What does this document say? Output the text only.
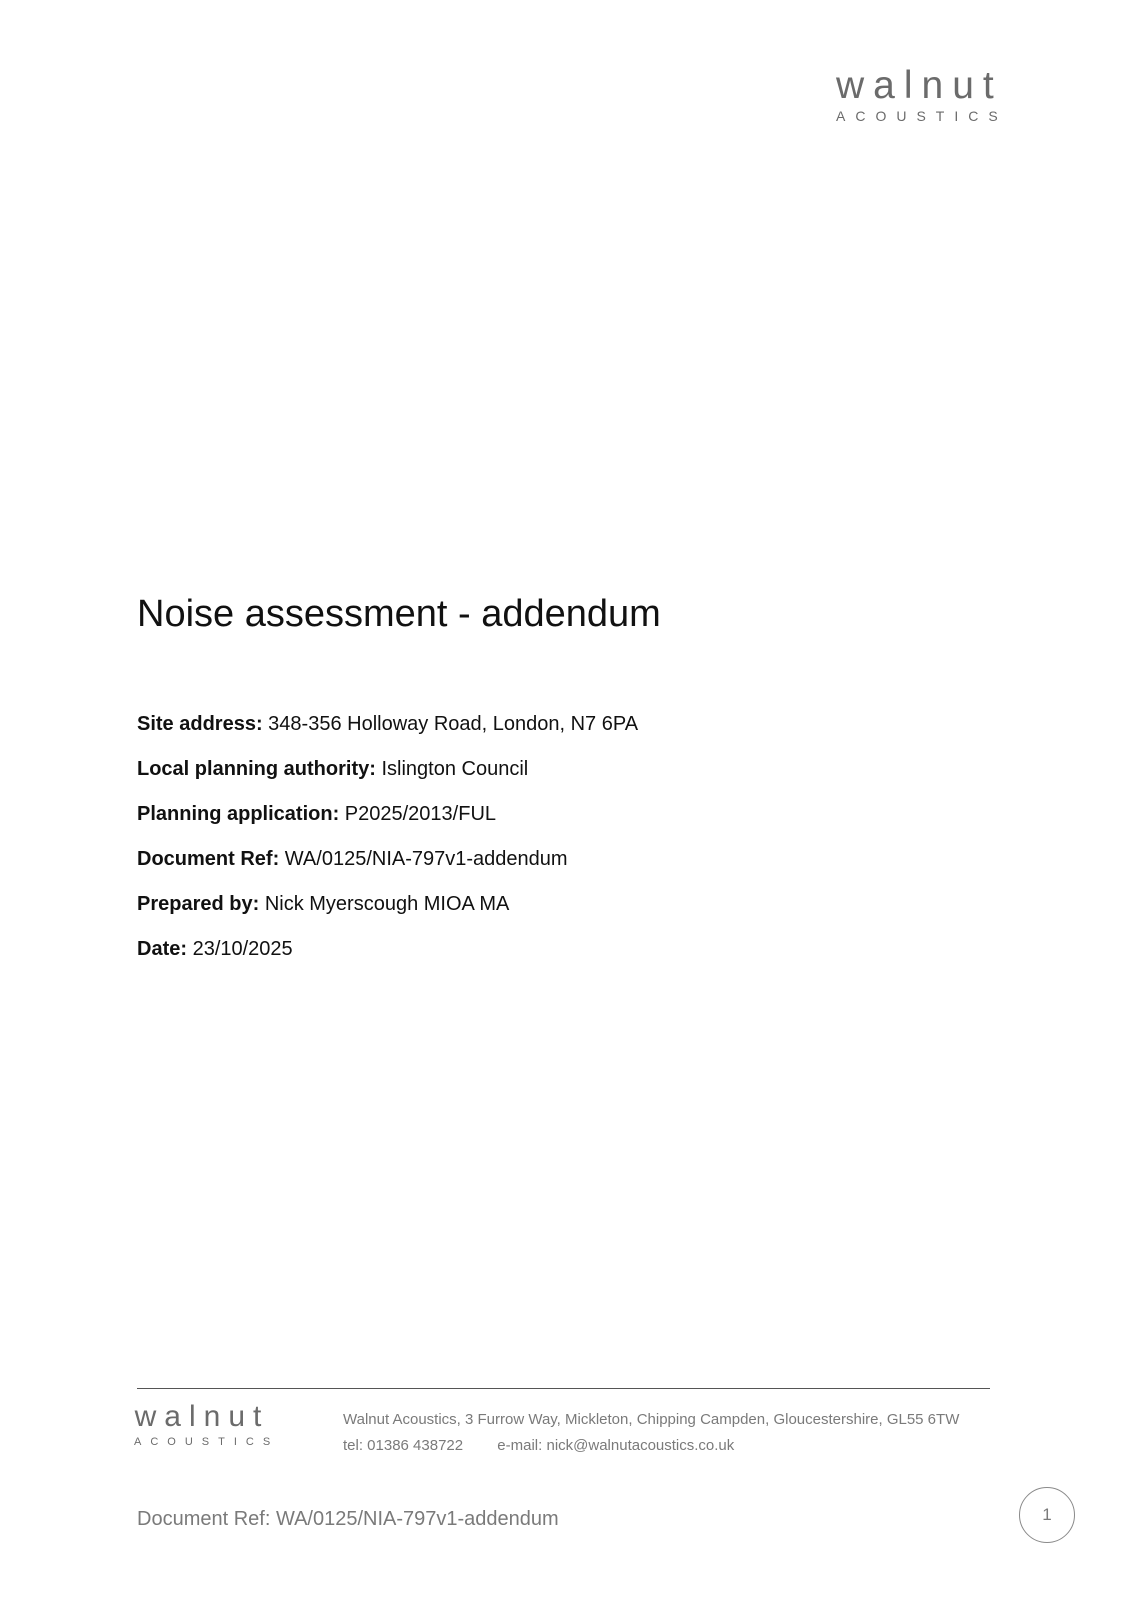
walnut
ACOUSTICS
Noise assessment - addendum
Site address: 348-356 Holloway Road, London, N7 6PA
Local planning authority: Islington Council
Planning application: P2025/2013/FUL
Document Ref: WA/0125/NIA-797v1-addendum
Prepared by: Nick Myerscough MIOA MA
Date: 23/10/2025
walnut
ACOUSTICS
Walnut Acoustics, 3 Furrow Way, Mickleton, Chipping Campden, Gloucestershire, GL55 6TW
tel: 01386 438722 e-mail: nick@walnutacoustics.co.uk
Document Ref: WA/0125/NIA-797v1-addendum	1
